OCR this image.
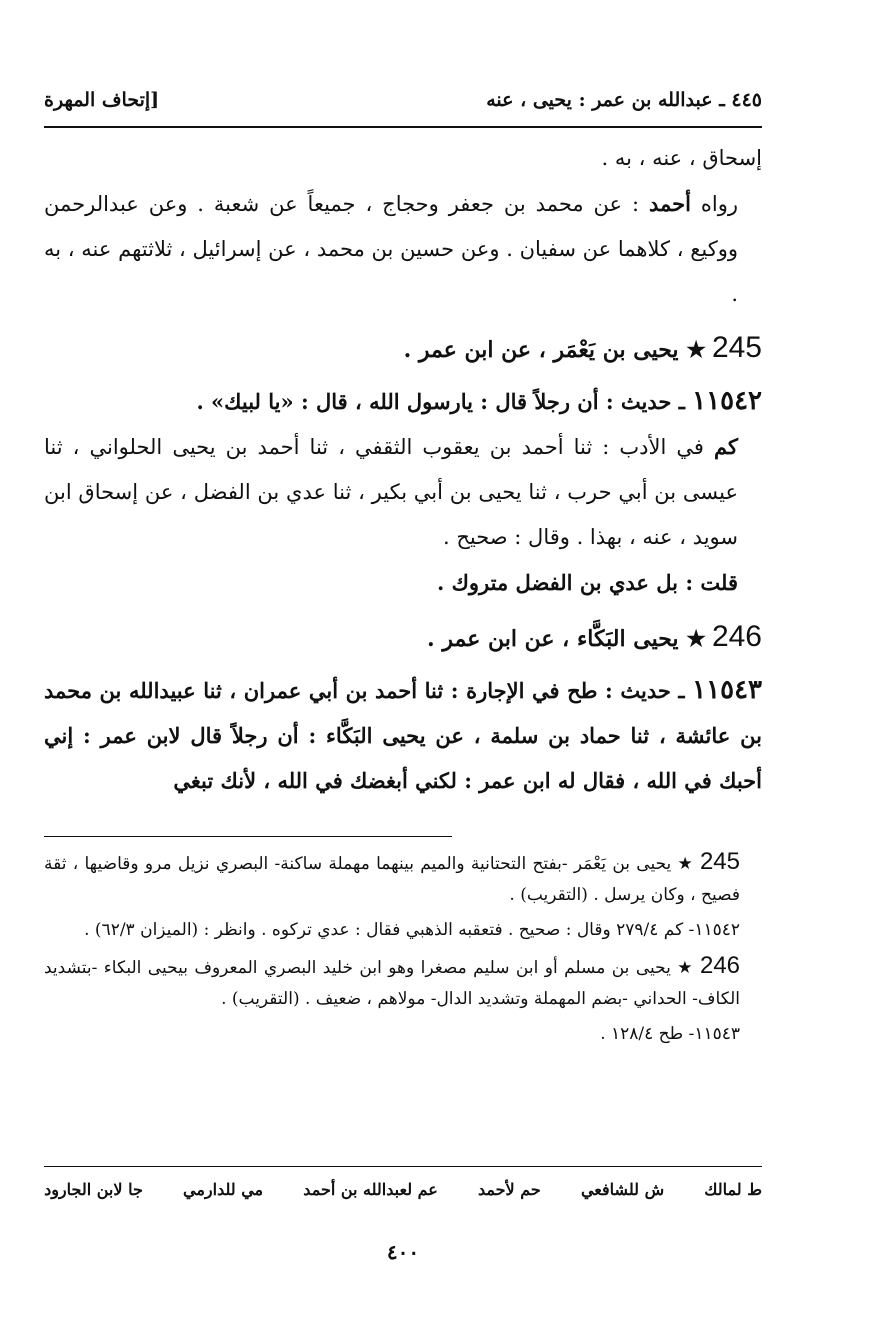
٤٤٥ ـ عبدالله بن عمر : يحيى ، عنه
[إتحاف المهرة

إسحاق ، عنه ، به .

رواه أحمد : عن محمد بن جعفر وحجاج ، جميعاً عن شعبة . وعن عبدالرحمن ووكيع ، كلاهما عن سفيان . وعن حسين بن محمد ، عن إسرائيل ، ثلاثتهم عنه ، به .

245★ يحيى بن يَعْمَر ، عن ابن عمر .

١١٥٤٢ ـ حديث : أن رجلاً قال : يارسول الله ، قال : «يا لبيك» .

كم في الأدب : ثنا أحمد بن يعقوب الثقفي ، ثنا أحمد بن يحيى الحلواني ، ثنا عيسى بن أبي حرب ، ثنا يحيى بن أبي بكير ، ثنا عدي بن الفضل ، عن إسحاق ابن سويد ، عنه ، بهذا . وقال : صحيح .

قلت : بل عدي بن الفضل متروك .

246★ يحيى البَكَّاء ، عن ابن عمر .

١١٥٤٣ ـ حديث : طح في الإجارة : ثنا أحمد بن أبي عمران ، ثنا عبيدالله بن محمد بن عائشة ، ثنا حماد بن سلمة ، عن يحيى البَكَّاء : أن رجلاً قال لابن عمر : إني أحبك في الله ، فقال له ابن عمر : لكني أبغضك في الله ، لأنك تبغي

245 ★ يحيى بن يَعْمَر -بفتح التحتانية والميم بينهما مهملة ساكنة- البصري نزيل مرو وقاضيها ، ثقة فصيح ، وكان يرسل . (التقريب) .

١١٥٤٢- كم ٢٧٩/٤ وقال : صحيح . فتعقبه الذهبي فقال : عدي تركوه . وانظر : (الميزان ٦٢/٣) .

246 ★ يحيى بن مسلم أو ابن سليم مصغرا وهو ابن خليد البصري المعروف بيحيى البكاء -بتشديد الكاف- الحداني -بضم المهملة وتشديد الدال- مولاهم ، ضعيف . (التقريب) .

١١٥٤٣- طح ١٢٨/٤ .

ط لمالك
ش للشافعي
حم لأحمد
عم لعبدالله بن أحمد
مي للدارمي
جا لابن الجارود
٤٠٠
